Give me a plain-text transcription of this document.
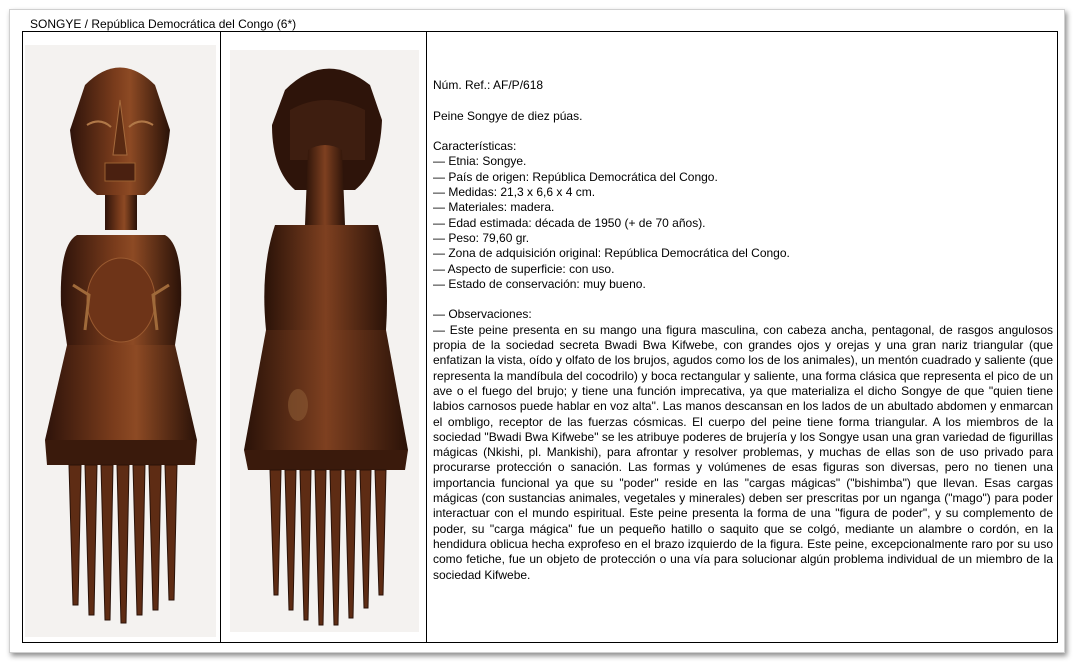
SONGYE / República Democrática del Congo (6*)

Núm. Ref.: AF/P/618

Peine Songye de diez púas.

Características:

— Etnia: Songye.

— País de origen: República Democrática del Congo.

— Medidas: 21,3 x 6,6 x 4 cm.

— Materiales: madera.

— Edad estimada: década de 1950 (+ de 70 años).

— Peso: 79,60 gr.

— Zona de adquisición original: República Democrática del Congo.

— Aspecto de superficie: con uso.

— Estado de conservación: muy bueno.

— Observaciones:

— Este peine presenta en su mango una figura masculina, con cabeza ancha, pentagonal, de rasgos angulosos propia de la sociedad secreta Bwadi Bwa Kifwebe, con grandes ojos y orejas y una gran nariz triangular (que enfatizan la vista, oído y olfato de los brujos, agudos como los de los animales), un mentón cuadrado y saliente (que representa la mandíbula del cocodrilo) y boca rectangular y saliente, una forma clásica que representa el pico de un ave o el fuego del brujo; y tiene una función imprecativa, ya que materializa el dicho Songye de que "quien tiene labios carnosos puede hablar en voz alta". Las manos descansan en los lados de un abultado abdomen y enmarcan el ombligo, receptor de las fuerzas cósmicas. El cuerpo del peine tiene forma triangular. A los miembros de la sociedad "Bwadi Bwa Kifwebe" se les atribuye poderes de brujería y los Songye usan una gran variedad de figurillas mágicas (Nkishi, pl. Mankishi), para afrontar y resolver problemas, y muchas de ellas son de uso privado para procurarse protección o sanación. Las formas y volúmenes de esas figuras son diversas, pero no tienen una importancia funcional ya que su "poder" reside en las "cargas mágicas" ("bishimba") que llevan. Esas cargas mágicas (con sustancias animales, vegetales y minerales) deben ser prescritas por un nganga ("mago") para poder interactuar con el mundo espiritual. Este peine presenta la forma de una "figura de poder", y su complemento de poder, su "carga mágica" fue un pequeño hatillo o saquito que se colgó, mediante un alambre o cordón, en la hendidura oblicua hecha exprofeso en el brazo izquierdo de la figura. Este peine, excepcionalmente raro por su uso como fetiche, fue un objeto de protección o una vía para solucionar algún problema individual de un miembro de la sociedad Kifwebe.
